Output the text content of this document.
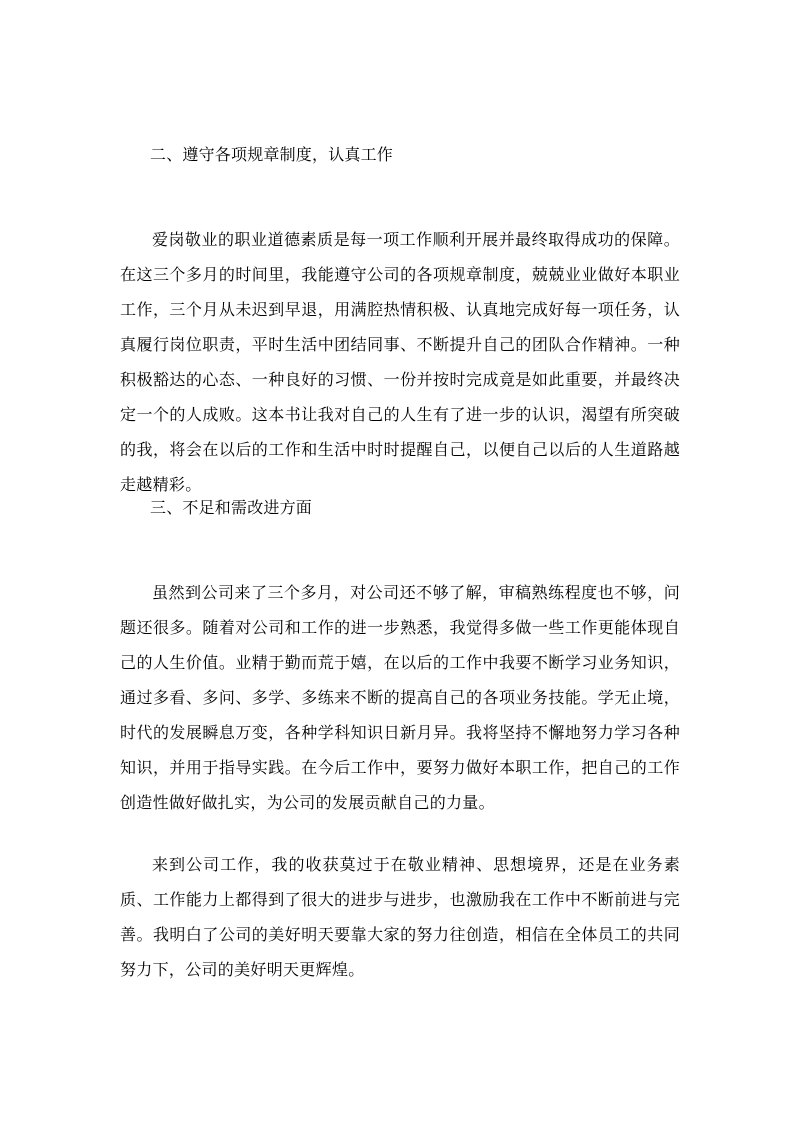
二、遵守各项规章制度，认真工作

爱岗敬业的职业道德素质是每一项工作顺利开展并最终取得成功的保障。在这三个多月的时间里，我能遵守公司的各项规章制度，兢兢业业做好本职业工作，三个月从未迟到早退，用满腔热情积极、认真地完成好每一项任务，认真履行岗位职责，平时生活中团结同事、不断提升自己的团队合作精神。一种积极豁达的心态、一种良好的习惯、一份并按时完成竟是如此重要，并最终决定一个的人成败。这本书让我对自己的人生有了进一步的认识，渴望有所突破的我，将会在以后的工作和生活中时时提醒自己，以便自己以后的人生道路越走越精彩。

三、不足和需改进方面

虽然到公司来了三个多月，对公司还不够了解，审稿熟练程度也不够，问题还很多。随着对公司和工作的进一步熟悉，我觉得多做一些工作更能体现自己的人生价值。业精于勤而荒于嬉，在以后的工作中我要不断学习业务知识，通过多看、多问、多学、多练来不断的提高自己的各项业务技能。学无止境，时代的发展瞬息万变，各种学科知识日新月异。我将坚持不懈地努力学习各种知识，并用于指导实践。在今后工作中，要努力做好本职工作，把自己的工作创造性做好做扎实，为公司的发展贡献自己的力量。

来到公司工作，我的收获莫过于在敬业精神、思想境界，还是在业务素质、工作能力上都得到了很大的进步与进步，也激励我在工作中不断前进与完善。我明白了公司的美好明天要靠大家的努力往创造，相信在全体员工的共同努力下，公司的美好明天更辉煌。
